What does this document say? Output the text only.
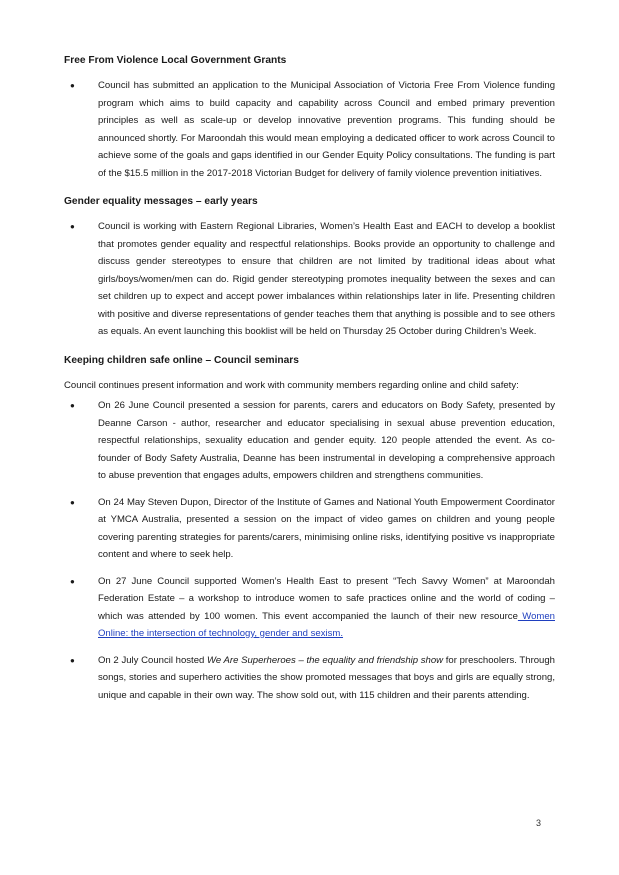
Free From Violence Local Government Grants
● Council has submitted an application to the Municipal Association of Victoria Free From Violence funding program which aims to build capacity and capability across Council and embed primary prevention principles as well as scale-up or develop innovative prevention programs. This funding should be announced shortly. For Maroondah this would mean employing a dedicated officer to work across Council to achieve some of the goals and gaps identified in our Gender Equity Policy consultations. The funding is part of the $15.5 million in the 2017-2018 Victorian Budget for delivery of family violence prevention initiatives.
Gender equality messages – early years
● Council is working with Eastern Regional Libraries, Women’s Health East and EACH to develop a booklist that promotes gender equality and respectful relationships. Books provide an opportunity to challenge and discuss gender stereotypes to ensure that children are not limited by traditional ideas about what girls/boys/women/men can do. Rigid gender stereotyping promotes inequality between the sexes and can set children up to expect and accept power imbalances within relationships later in life. Presenting children with positive and diverse representations of gender teaches them that anything is possible and to see others as equals. An event launching this booklist will be held on Thursday 25 October during Children’s Week.
Keeping children safe online – Council seminars

Council continues present information and work with community members regarding online and child safety:

● On 26 June Council presented a session for parents, carers and educators on Body Safety, presented by Deanne Carson - author, researcher and educator specialising in sexual abuse prevention education, respectful relationships, sexuality education and gender equity. 120 people attended the event. As co-founder of Body Safety Australia, Deanne has been instrumental in developing a comprehensive approach to abuse prevention that engages adults, empowers children and strengthens communities.
● On 24 May Steven Dupon, Director of the Institute of Games and National Youth Empowerment Coordinator at YMCA Australia, presented a session on the impact of video games on children and young people covering parenting strategies for parents/carers, minimising online risks, identifying positive vs inappropriate content and where to seek help.
● On 27 June Council supported Women’s Health East to present “Tech Savvy Women” at Maroondah Federation Estate – a workshop to introduce women to safe practices online and the world of coding – which was attended by 100 women. This event accompanied the launch of their new resource Women Online: the intersection of technology, gender and sexism.
● On 2 July Council hosted We Are Superheroes – the equality and friendship show for preschoolers. Through songs, stories and superhero activities the show promoted messages that boys and girls are equally strong, unique and capable in their own way. The show sold out, with 115 children and their parents attending.
3
